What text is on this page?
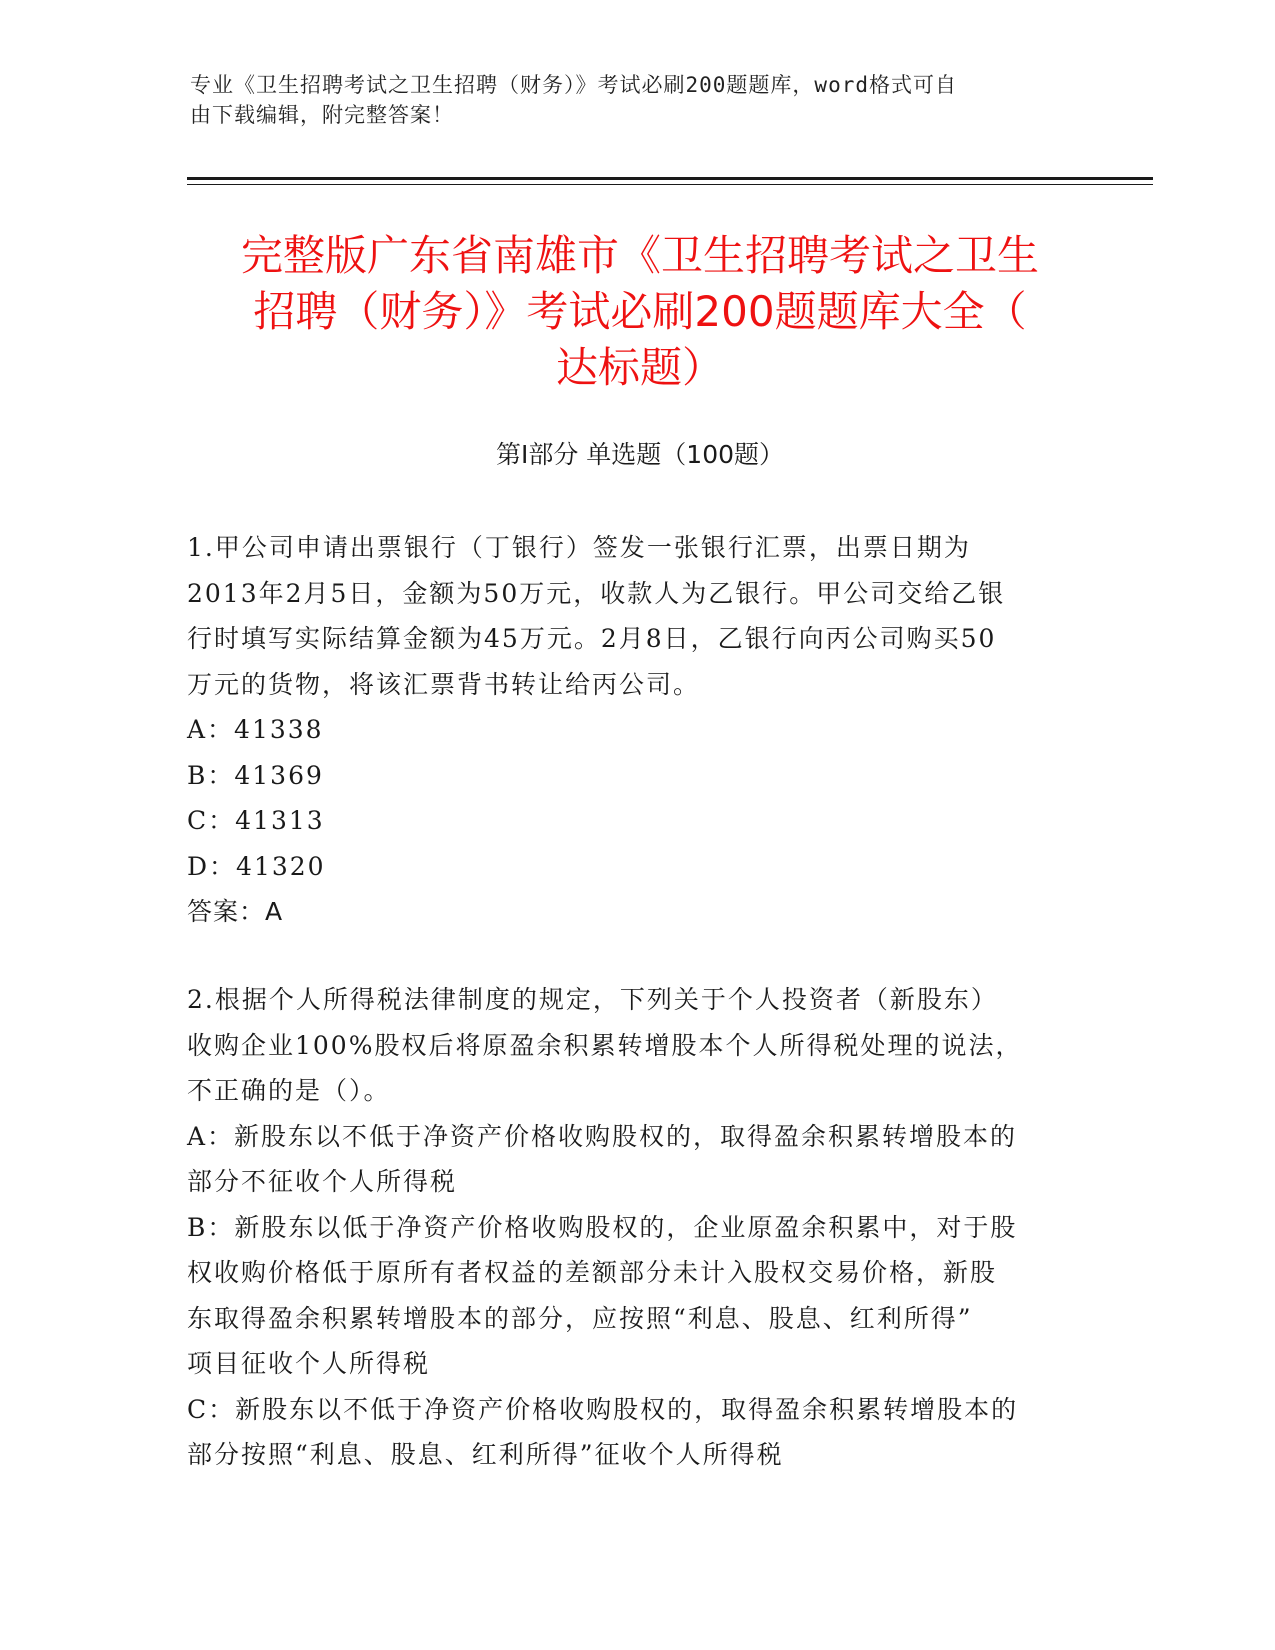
专业《卫生招聘考试之卫生招聘（财务）》考试必刷200题题库，word格式可自
由下载编辑，附完整答案！
完整版广东省南雄市《卫生招聘考试之卫生
招聘（财务）》考试必刷200题题库大全（
达标题）
第Ⅰ部分 单选题（100题）
1.甲公司申请出票银行（丁银行）签发一张银行汇票，出票日期为
2013年2月5日，金额为50万元，收款人为乙银行。甲公司交给乙银
行时填写实际结算金额为45万元。2月8日，乙银行向丙公司购买50
万元的货物，将该汇票背书转让给丙公司。
A：41338
B：41369
C：41313
D：41320
答案：A
2.根据个人所得税法律制度的规定，下列关于个人投资者（新股东）
收购企业100%股权后将原盈余积累转增股本个人所得税处理的说法，
不正确的是（）。
A：新股东以不低于净资产价格收购股权的，取得盈余积累转增股本的
部分不征收个人所得税
B：新股东以低于净资产价格收购股权的，企业原盈余积累中，对于股
权收购价格低于原所有者权益的差额部分未计入股权交易价格，新股
东取得盈余积累转增股本的部分，应按照“利息、股息、红利所得”
项目征收个人所得税
C：新股东以不低于净资产价格收购股权的，取得盈余积累转增股本的
部分按照“利息、股息、红利所得”征收个人所得税
